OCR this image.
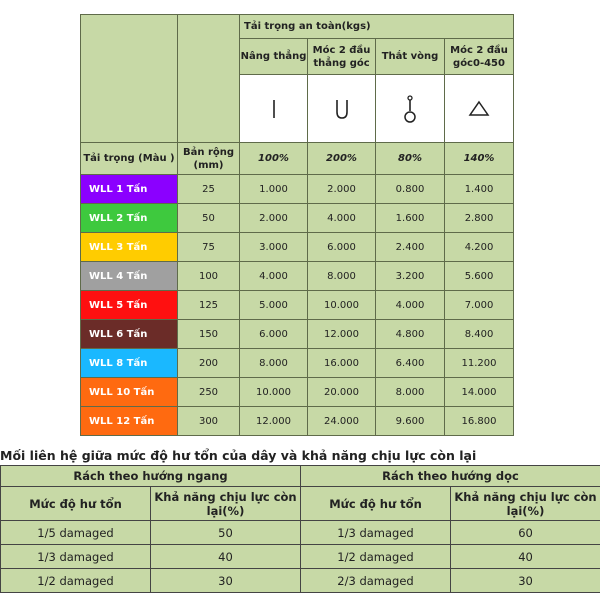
		Tải trọng an toàn(kgs)			
		Nâng thẳng	Móc 2 đầu thẳng góc	Thắt vòng	Móc 2 đầu góc0-450

Tải trọng (Màu )	Bản rộng (mm)	100%	200%	80%	140%
WLL 1 Tấn	25	1.000	2.000	0.800	1.400
WLL 2 Tấn	50	2.000	4.000	1.600	2.800
WLL 3 Tấn	75	3.000	6.000	2.400	4.200
WLL 4 Tấn	100	4.000	8.000	3.200	5.600
WLL 5 Tấn	125	5.000	10.000	4.000	7.000
WLL 6 Tấn	150	6.000	12.000	4.800	8.400
WLL 8 Tấn	200	8.000	16.000	6.400	11.200
WLL 10 Tấn	250	10.000	20.000	8.000	14.000
WLL 12 Tấn	300	12.000	24.000	9.600	16.800
Mối liên hệ giữa mức độ hư tổn của dây và khả năng chịu lực còn lại
Rách theo hướng ngang		Rách theo hướng dọc	
Mức độ hư tổn	Khả năng chịu lực còn lại(%)	Mức độ hư tổn	Khả năng chịu lực còn lại(%)
1/5 damaged	50	1/3 damaged	60
1/3 damaged	40	1/2 damaged	40
1/2 damaged	30	2/3 damaged	30
